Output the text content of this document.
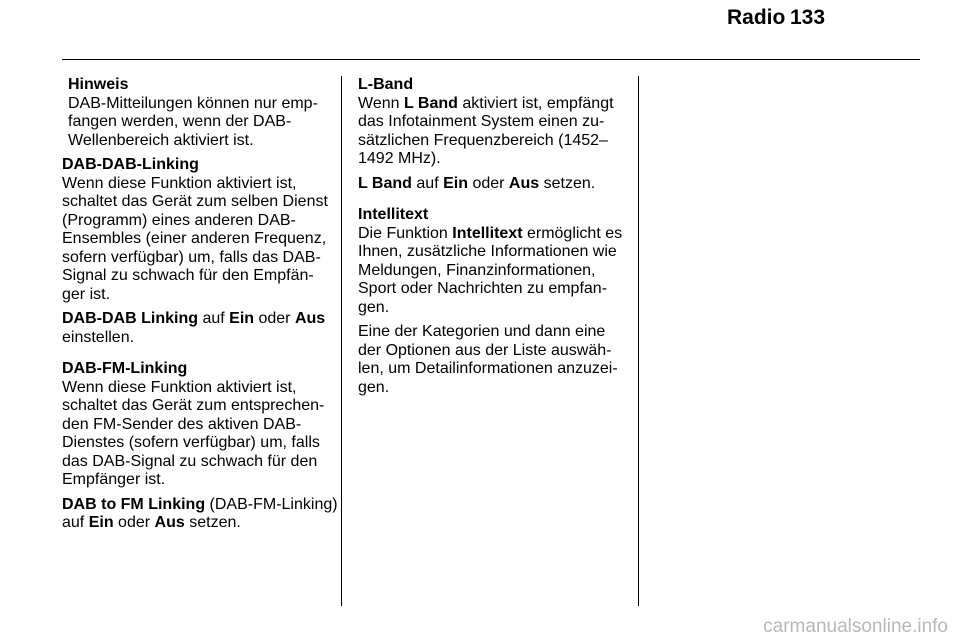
Radio 133
Hinweis
DAB-Mitteilungen können nur emp-
fangen werden, wenn der DAB-
Wellenbereich aktiviert ist.
DAB-DAB-Linking
Wenn diese Funktion aktiviert ist,
schaltet das Gerät zum selben Dienst
(Programm) eines anderen DAB-
Ensembles (einer anderen Frequenz,
sofern verfügbar) um, falls das DAB-
Signal zu schwach für den Empfän-
ger ist.
DAB-DAB Linking auf Ein oder Aus
einstellen.
DAB-FM-Linking
Wenn diese Funktion aktiviert ist,
schaltet das Gerät zum entsprechen-
den FM-Sender des aktiven DAB-
Dienstes (sofern verfügbar) um, falls
das DAB-Signal zu schwach für den
Empfänger ist.
DAB to FM Linking (DAB-FM-Linking)
auf Ein oder Aus setzen.
L-Band
Wenn L Band aktiviert ist, empfängt
das Infotainment System einen zu-
sätzlichen Frequenzbereich (1452–
1492 MHz).
L Band auf Ein oder Aus setzen.
Intellitext
Die Funktion Intellitext ermöglicht es
Ihnen, zusätzliche Informationen wie
Meldungen, Finanzinformationen,
Sport oder Nachrichten zu empfan-
gen.
Eine der Kategorien und dann eine
der Optionen aus der Liste auswäh-
len, um Detailinformationen anzuzei-
gen.
carmanualsonline.info
